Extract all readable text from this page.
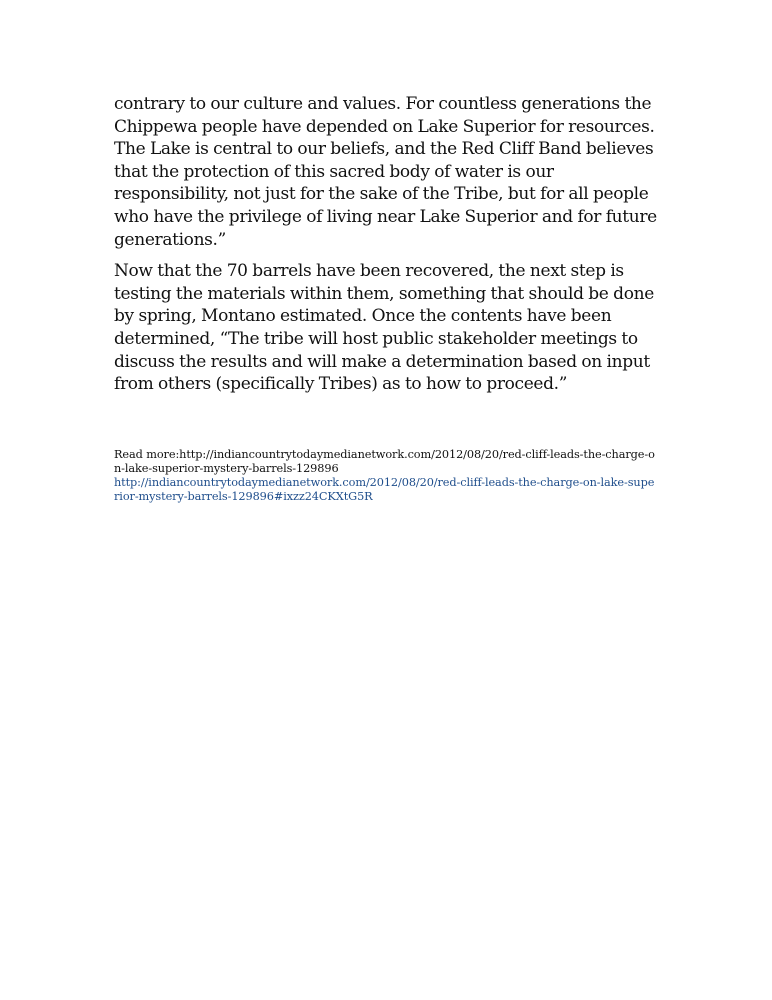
contrary to our culture and values. For countless generations the Chippewa people have depended on Lake Superior for resources. The Lake is central to our beliefs, and the Red Cliff Band believes that the protection of this sacred body of water is our responsibility, not just for the sake of the Tribe, but for all people who have the privilege of living near Lake Superior and for future generations.”

Now that the 70 barrels have been recovered, the next step is testing the materials within them, something that should be done by spring, Montano estimated. Once the contents have been determined, “The tribe will host public stakeholder meetings to discuss the results and will make a determination based on input from others (specifically Tribes) as to how to proceed.”

Read more:http://indiancountrytodaymedianetwork.com/2012/08/20/red-cliff-leads-the-charge-on-lake-superior-mystery-barrels-129896
http://indiancountrytodaymedianetwork.com/2012/08/20/red-cliff-leads-the-charge-on-lake-superior-mystery-barrels-129896#ixzz24CKXtG5R
